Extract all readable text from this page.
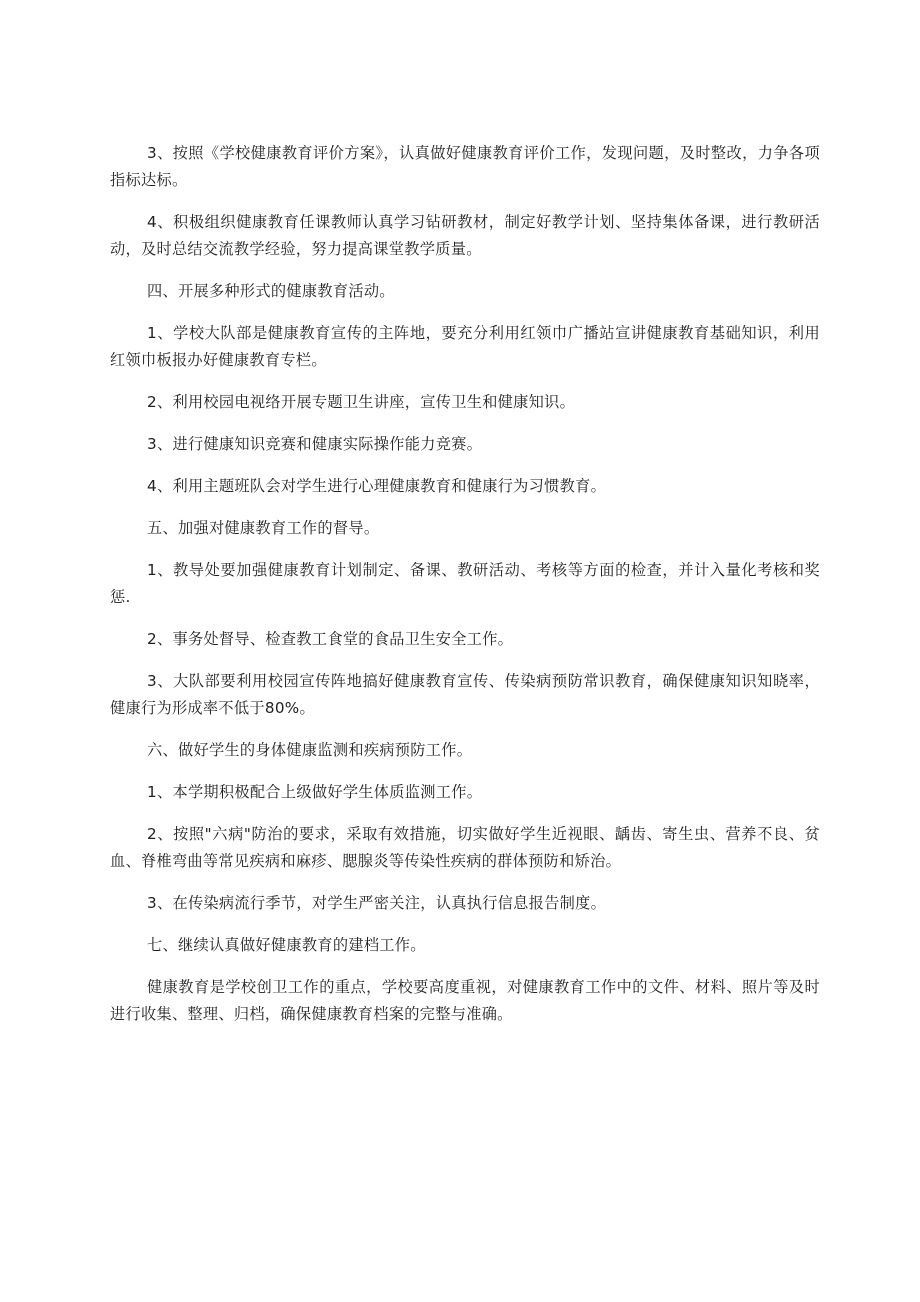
3、按照《学校健康教育评价方案》，认真做好健康教育评价工作，发现问题，及时整改，力争各项指标达标。

4、积极组织健康教育任课教师认真学习钻研教材，制定好教学计划、坚持集体备课，进行教研活动，及时总结交流教学经验，努力提高课堂教学质量。

四、开展多种形式的健康教育活动。

1、学校大队部是健康教育宣传的主阵地，要充分利用红领巾广播站宣讲健康教育基础知识，利用红领巾板报办好健康教育专栏。

2、利用校园电视络开展专题卫生讲座，宣传卫生和健康知识。

3、进行健康知识竞赛和健康实际操作能力竞赛。

4、利用主题班队会对学生进行心理健康教育和健康行为习惯教育。

五、加强对健康教育工作的督导。

1、教导处要加强健康教育计划制定、备课、教研活动、考核等方面的检查，并计入量化考核和奖惩.

2、事务处督导、检查教工食堂的食品卫生安全工作。

3、大队部要利用校园宣传阵地搞好健康教育宣传、传染病预防常识教育，确保健康知识知晓率，健康行为形成率不低于80%。

六、做好学生的身体健康监测和疾病预防工作。

1、本学期积极配合上级做好学生体质监测工作。

2、按照"六病"防治的要求，采取有效措施，切实做好学生近视眼、龋齿、寄生虫、营养不良、贫血、脊椎弯曲等常见疾病和麻疹、腮腺炎等传染性疾病的群体预防和矫治。

3、在传染病流行季节，对学生严密关注，认真执行信息报告制度。

七、继续认真做好健康教育的建档工作。

健康教育是学校创卫工作的重点，学校要高度重视，对健康教育工作中的文件、材料、照片等及时进行收集、整理、归档，确保健康教育档案的完整与准确。
